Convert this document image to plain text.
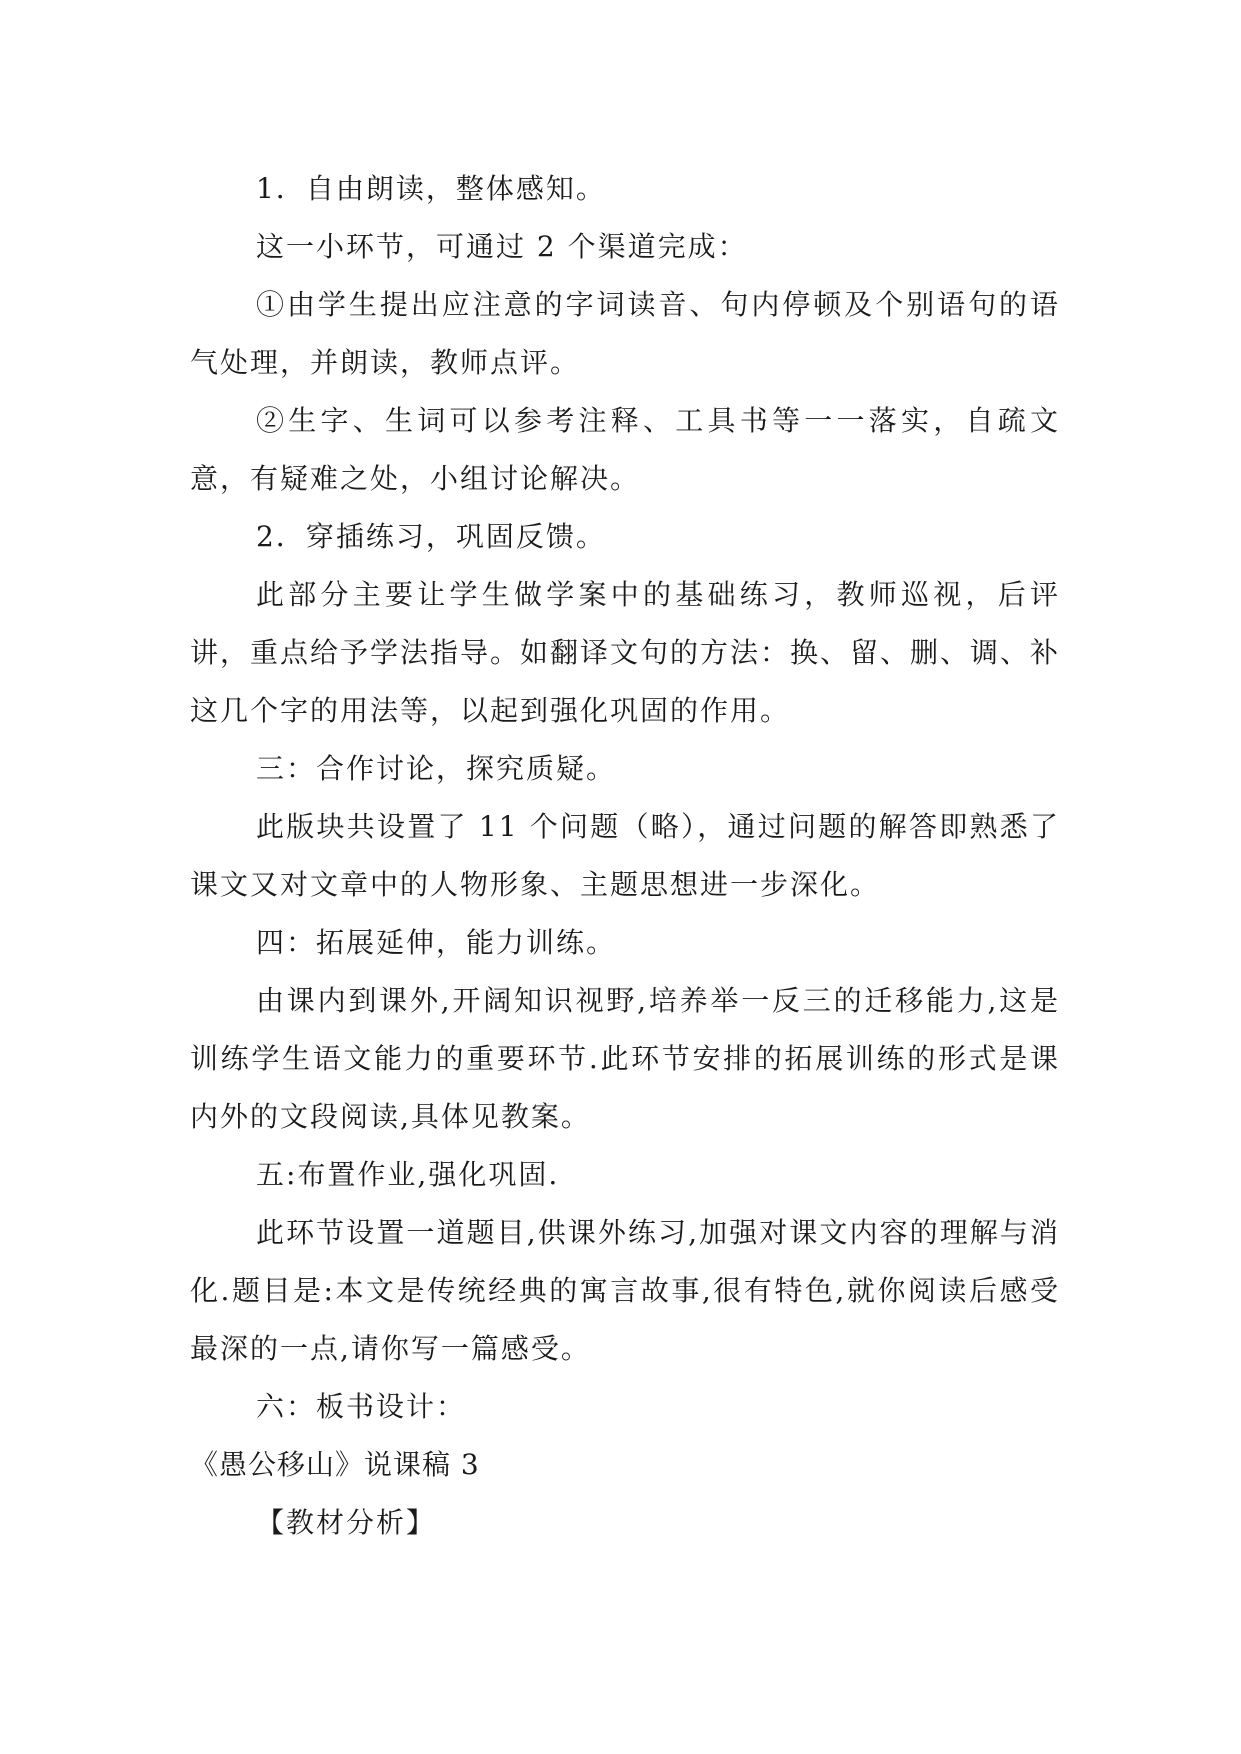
1．自由朗读，整体感知。

这一小环节，可通过 2 个渠道完成：

①由学生提出应注意的字词读音、句内停顿及个别语句的语气处理，并朗读，教师点评。

②生字、生词可以参考注释、工具书等一一落实，自疏文意，有疑难之处，小组讨论解决。

2．穿插练习，巩固反馈。

此部分主要让学生做学案中的基础练习，教师巡视，后评讲，重点给予学法指导。如翻译文句的方法：换、留、删、调、补这几个字的用法等，以起到强化巩固的作用。

三：合作讨论，探究质疑。

此版块共设置了 11 个问题（略），通过问题的解答即熟悉了课文又对文章中的人物形象、主题思想进一步深化。

四：拓展延伸，能力训练。

由课内到课外,开阔知识视野,培养举一反三的迁移能力,这是训练学生语文能力的重要环节.此环节安排的拓展训练的形式是课内外的文段阅读,具体见教案。

五:布置作业,强化巩固.

此环节设置一道题目,供课外练习,加强对课文内容的理解与消化.题目是:本文是传统经典的寓言故事,很有特色,就你阅读后感受最深的一点,请你写一篇感受。

六：板书设计：

《愚公移山》说课稿 3

【教材分析】
